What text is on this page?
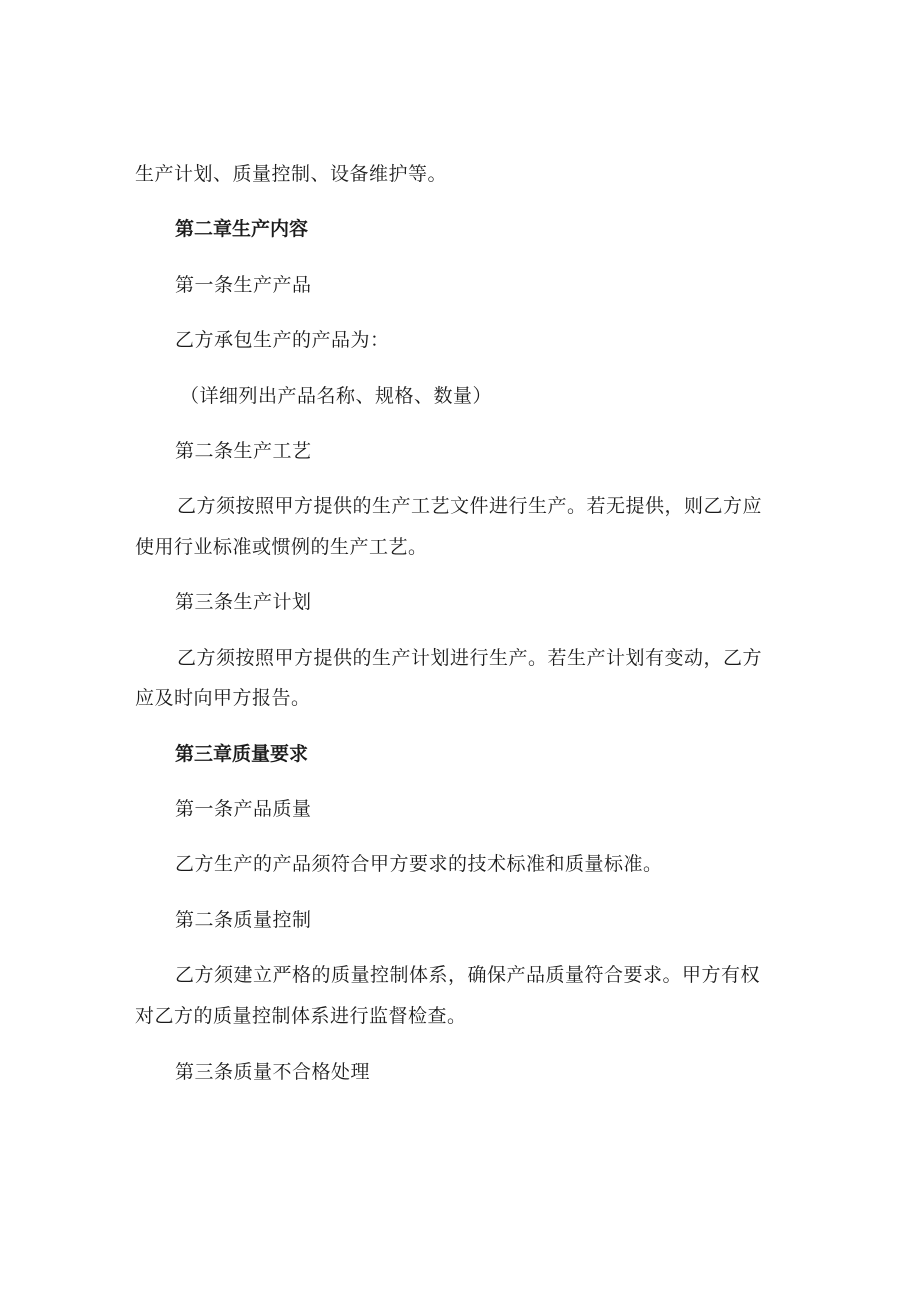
生产计划、质量控制、设备维护等。
第二章生产内容
第一条生产产品
乙方承包生产的产品为：
（详细列出产品名称、规格、数量）
第二条生产工艺
乙方须按照甲方提供的生产工艺文件进行生产。若无提供，则乙方应
使用行业标准或惯例的生产工艺。
第三条生产计划
乙方须按照甲方提供的生产计划进行生产。若生产计划有变动，乙方
应及时向甲方报告。
第三章质量要求
第一条产品质量
乙方生产的产品须符合甲方要求的技术标准和质量标准。
第二条质量控制
乙方须建立严格的质量控制体系，确保产品质量符合要求。甲方有权
对乙方的质量控制体系进行监督检查。
第三条质量不合格处理
